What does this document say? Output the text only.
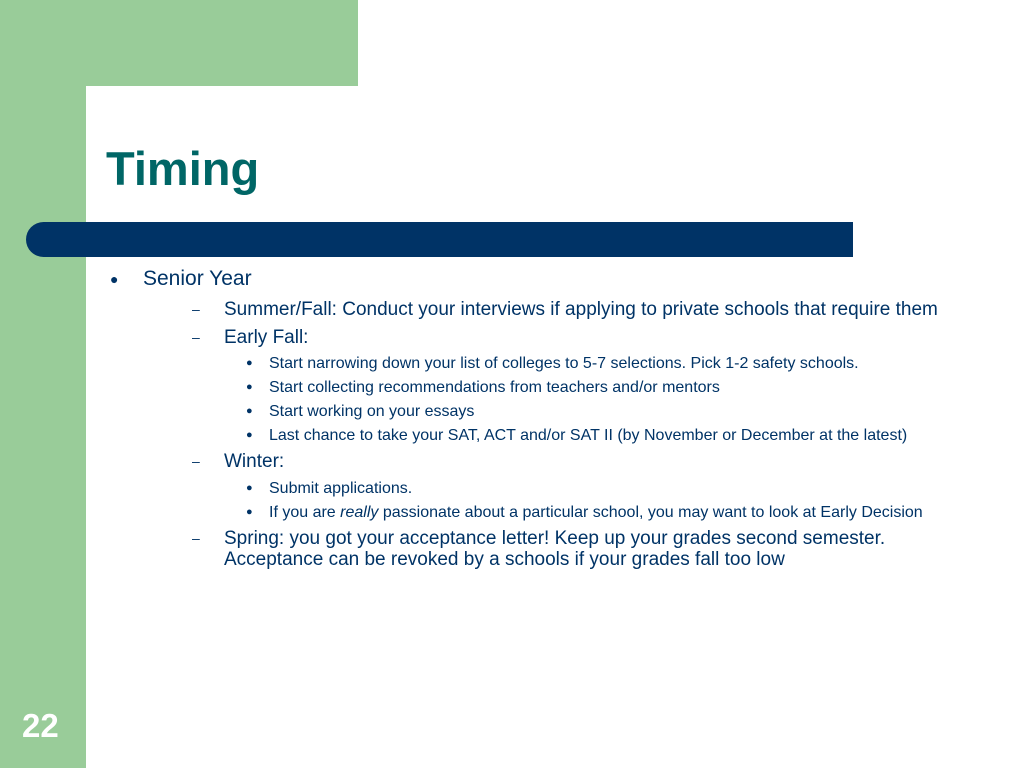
Timing
● Senior Year
– Summer/Fall: Conduct your interviews if applying to private schools that require them
– Early Fall:
● Start narrowing down your list of colleges to 5-7 selections. Pick 1-2 safety schools.
● Start collecting recommendations from teachers and/or mentors
● Start working on your essays
● Last chance to take your SAT, ACT and/or SAT II (by November or December at the latest)
– Winter:
● Submit applications.
● If you are really passionate about a particular school, you may want to look at Early Decision
– Spring: you got your acceptance letter! Keep up your grades second semester. Acceptance can be revoked by a schools if your grades fall too low
22
